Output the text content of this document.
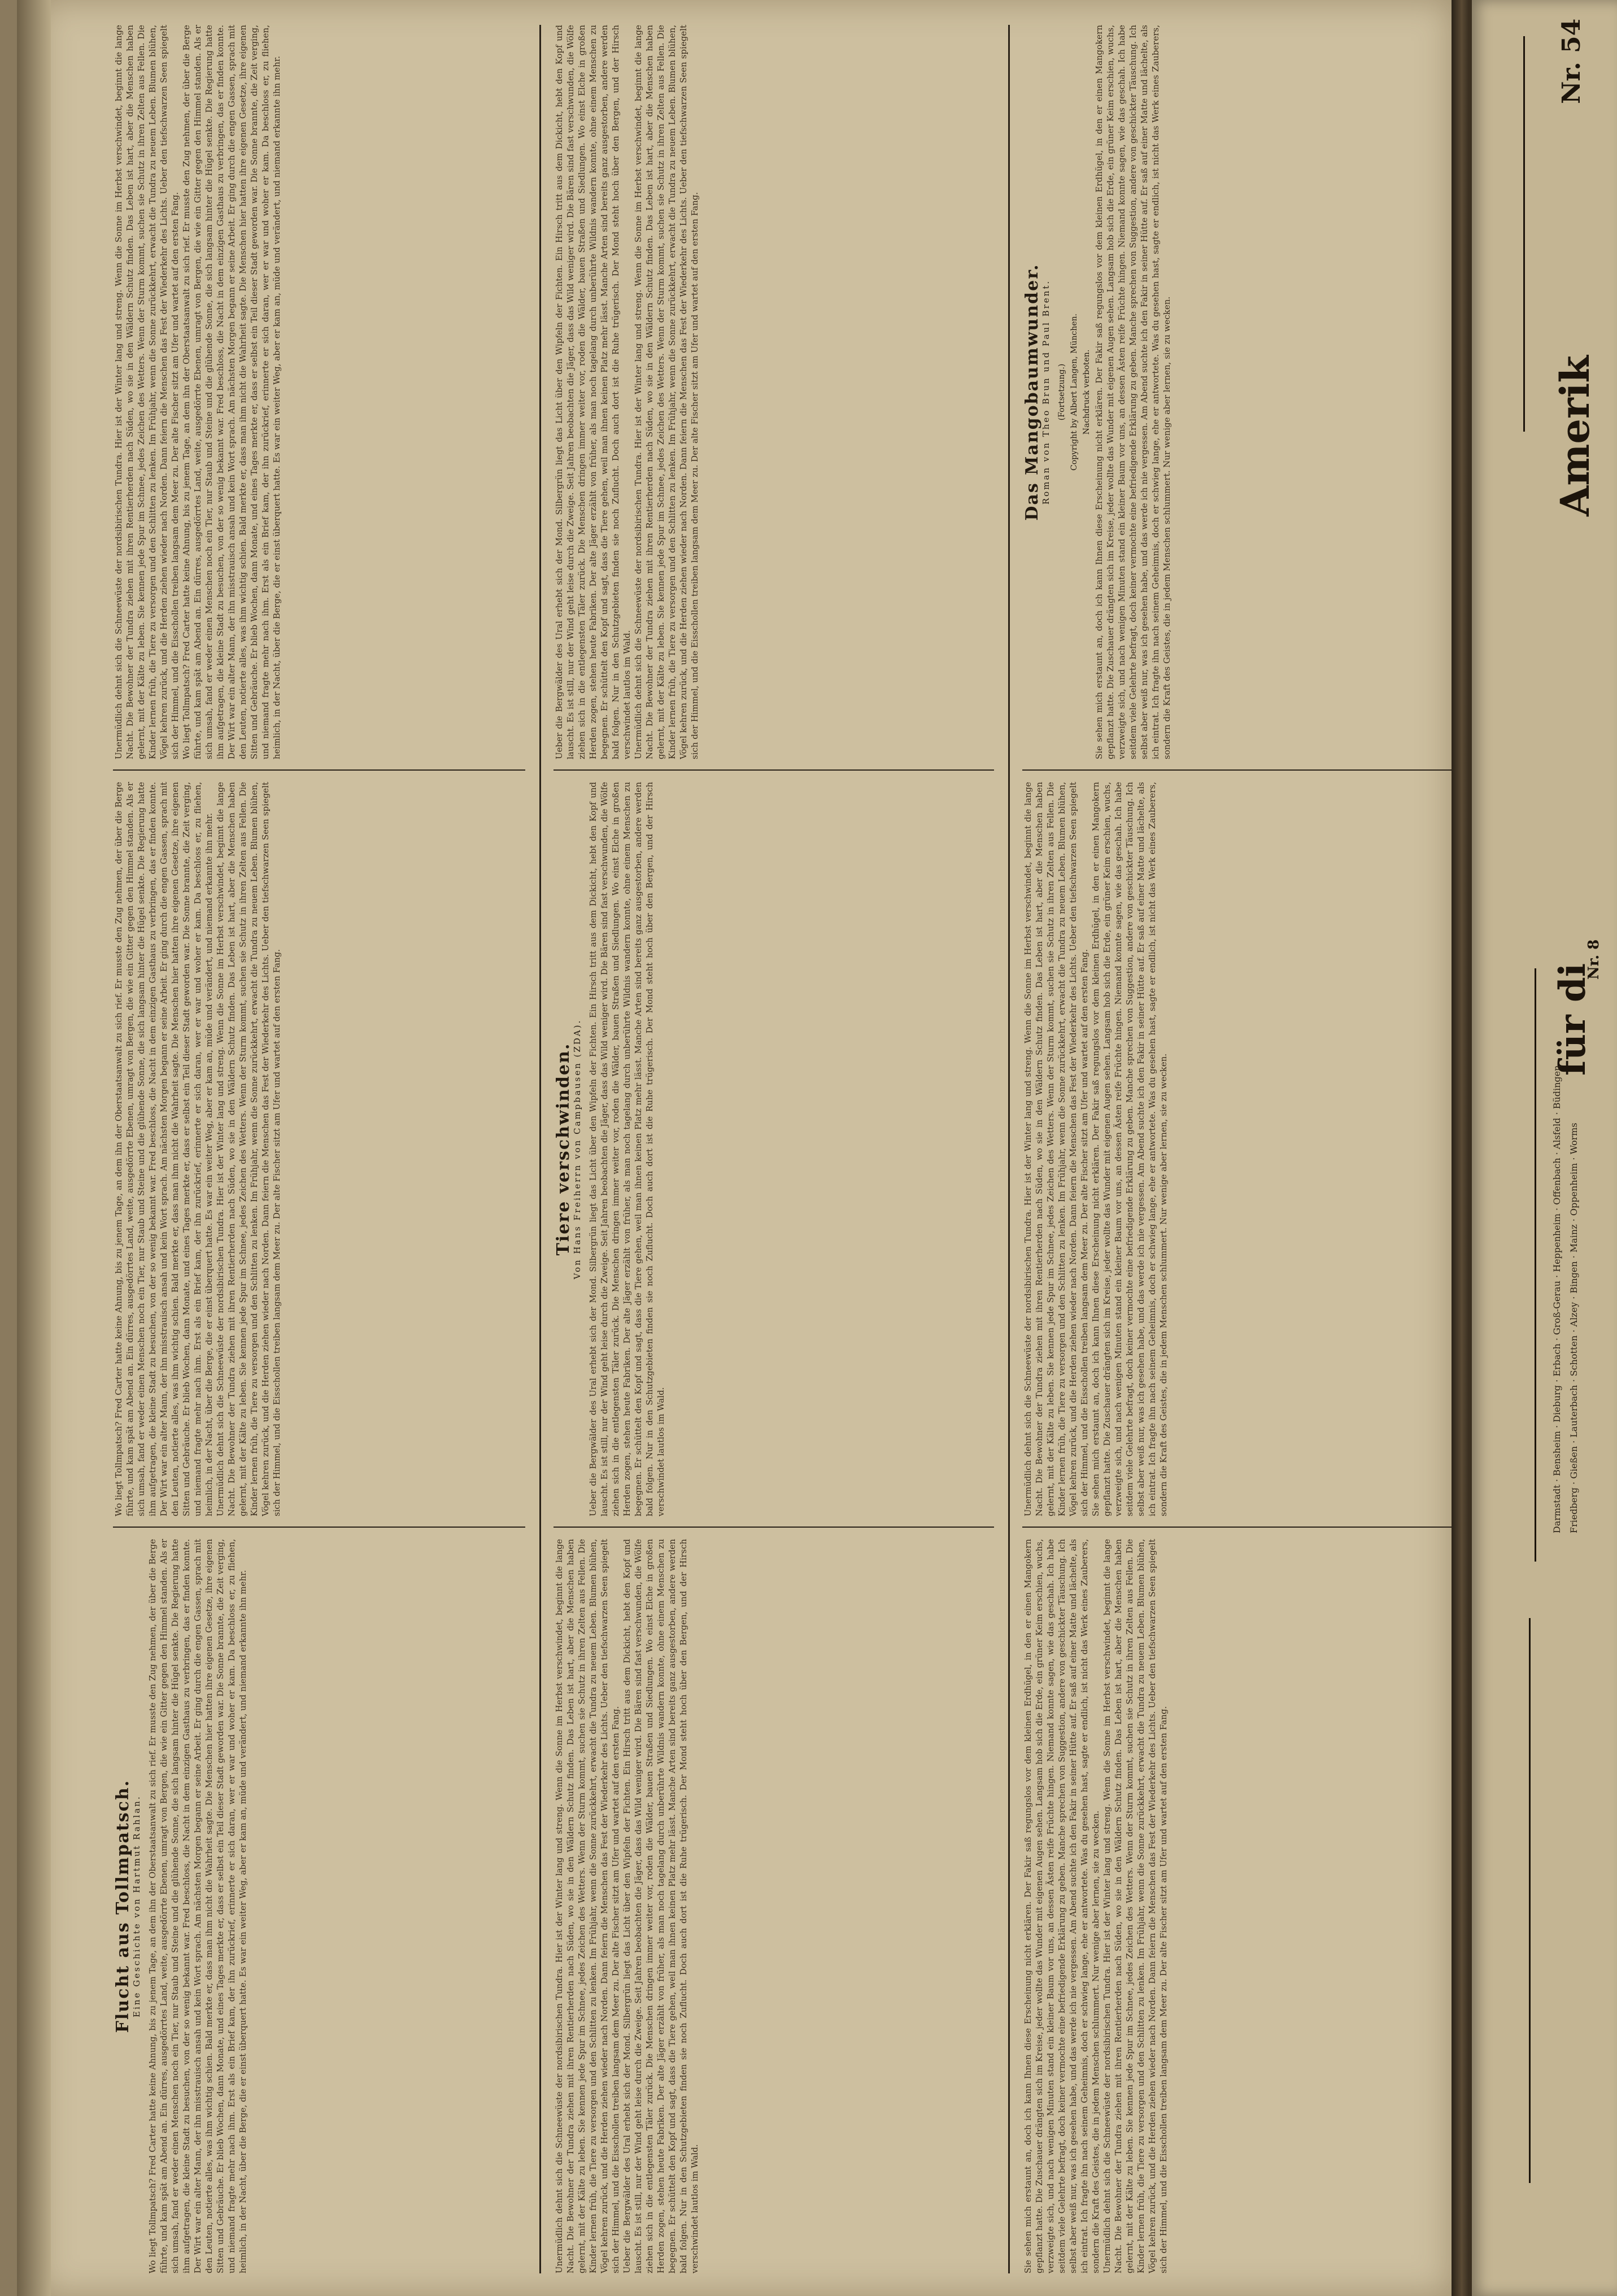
Flucht aus Tollmpatsch.
Eine Geschichte von Hartmut Rahlan. Wo liegt Tollmpatsch? Fred Carter hatte keine Ahnung, bis zu jenem Tage, an dem ihn der Oberstaatsanwalt zu sich rief. Er musste den Zug nehmen, der über die Berge führte, und kam spät am Abend an. Ein dürres, ausgedörrtes Land, weite, ausgedörrte Ebenen, umragt von Bergen, die wie ein Gitter gegen den Himmel standen. Als er sich umsah, fand er weder einen Menschen noch ein Tier, nur Staub und Steine und die glühende Sonne, die sich langsam hinter die Hügel senkte. Die Regierung hatte ihm aufgetragen, die kleine Stadt zu besuchen, von der so wenig bekannt war. Fred beschloss, die Nacht in dem einzigen Gasthaus zu verbringen, das er finden konnte. Der Wirt war ein alter Mann, der ihn misstrauisch ansah und kein Wort sprach. Am nächsten Morgen begann er seine Arbeit. Er ging durch die engen Gassen, sprach mit den Leuten, notierte alles, was ihm wichtig schien. Bald merkte er, dass man ihm nicht die Wahrheit sagte. Die Menschen hier hatten ihre eigenen Gesetze, ihre eigenen Sitten und Gebräuche. Er blieb Wochen, dann Monate, und eines Tages merkte er, dass er selbst ein Teil dieser Stadt geworden war. Die Sonne brannte, die Zeit verging, und niemand fragte mehr nach ihm. Erst als ein Brief kam, der ihn zurückrief, erinnerte er sich daran, wer er war und woher er kam. Da beschloss er, zu fliehen, heimlich, in der Nacht, über die Berge, die er einst überquert hatte. Es war ein weiter Weg, aber er kam an, müde und verändert, und niemand erkannte ihn mehr.
Wo liegt Tollmpatsch? Fred Carter hatte keine Ahnung, bis zu jenem Tage, an dem ihn der Oberstaatsanwalt zu sich rief. Er musste den Zug nehmen, der über die Berge führte, und kam spät am Abend an. Ein dürres, ausgedörrtes Land, weite, ausgedörrte Ebenen, umragt von Bergen, die wie ein Gitter gegen den Himmel standen. Als er sich umsah, fand er weder einen Menschen noch ein Tier, nur Staub und Steine und die glühende Sonne, die sich langsam hinter die Hügel senkte. Die Regierung hatte ihm aufgetragen, die kleine Stadt zu besuchen, von der so wenig bekannt war. Fred beschloss, die Nacht in dem einzigen Gasthaus zu verbringen, das er finden konnte. Der Wirt war ein alter Mann, der ihn misstrauisch ansah und kein Wort sprach. Am nächsten Morgen begann er seine Arbeit. Er ging durch die engen Gassen, sprach mit den Leuten, notierte alles, was ihm wichtig schien. Bald merkte er, dass man ihm nicht die Wahrheit sagte. Die Menschen hier hatten ihre eigenen Gesetze, ihre eigenen Sitten und Gebräuche. Er blieb Wochen, dann Monate, und eines Tages merkte er, dass er selbst ein Teil dieser Stadt geworden war. Die Sonne brannte, die Zeit verging, und niemand fragte mehr nach ihm. Erst als ein Brief kam, der ihn zurückrief, erinnerte er sich daran, wer er war und woher er kam. Da beschloss er, zu fliehen, heimlich, in der Nacht, über die Berge, die er einst überquert hatte. Es war ein weiter Weg, aber er kam an, müde und verändert, und niemand erkannte ihn mehr. Unermüdlich dehnt sich die Schneewüste der nordsibirischen Tundra. Hier ist der Winter lang und streng. Wenn die Sonne im Herbst verschwindet, beginnt die lange Nacht. Die Bewohner der Tundra ziehen mit ihren Rentierherden nach Süden, wo sie in den Wäldern Schutz finden. Das Leben ist hart, aber die Menschen haben gelernt, mit der Kälte zu leben. Sie kennen jede Spur im Schnee, jedes Zeichen des Wetters. Wenn der Sturm kommt, suchen sie Schutz in ihren Zelten aus Fellen. Die Kinder lernen früh, die Tiere zu versorgen und den Schlitten zu lenken. Im Frühjahr, wenn die Sonne zurückkehrt, erwacht die Tundra zu neuem Leben. Blumen blühen, Vögel kehren zurück, und die Herden ziehen wieder nach Norden. Dann feiern die Menschen das Fest der Wiederkehr des Lichts. Ueber den tiefschwarzen Seen spiegelt sich der Himmel, und die Eisschollen treiben langsam dem Meer zu. Der alte Fischer sitzt am Ufer und wartet auf den ersten Fang.
Unermüdlich dehnt sich die Schneewüste der nordsibirischen Tundra. Hier ist der Winter lang und streng. Wenn die Sonne im Herbst verschwindet, beginnt die lange Nacht. Die Bewohner der Tundra ziehen mit ihren Rentierherden nach Süden, wo sie in den Wäldern Schutz finden. Das Leben ist hart, aber die Menschen haben gelernt, mit der Kälte zu leben. Sie kennen jede Spur im Schnee, jedes Zeichen des Wetters. Wenn der Sturm kommt, suchen sie Schutz in ihren Zelten aus Fellen. Die Kinder lernen früh, die Tiere zu versorgen und den Schlitten zu lenken. Im Frühjahr, wenn die Sonne zurückkehrt, erwacht die Tundra zu neuem Leben. Blumen blühen, Vögel kehren zurück, und die Herden ziehen wieder nach Norden. Dann feiern die Menschen das Fest der Wiederkehr des Lichts. Ueber den tiefschwarzen Seen spiegelt sich der Himmel, und die Eisschollen treiben langsam dem Meer zu. Der alte Fischer sitzt am Ufer und wartet auf den ersten Fang. Wo liegt Tollmpatsch? Fred Carter hatte keine Ahnung, bis zu jenem Tage, an dem ihn der Oberstaatsanwalt zu sich rief. Er musste den Zug nehmen, der über die Berge führte, und kam spät am Abend an. Ein dürres, ausgedörrtes Land, weite, ausgedörrte Ebenen, umragt von Bergen, die wie ein Gitter gegen den Himmel standen. Als er sich umsah, fand er weder einen Menschen noch ein Tier, nur Staub und Steine und die glühende Sonne, die sich langsam hinter die Hügel senkte. Die Regierung hatte ihm aufgetragen, die kleine Stadt zu besuchen, von der so wenig bekannt war. Fred beschloss, die Nacht in dem einzigen Gasthaus zu verbringen, das er finden konnte. Der Wirt war ein alter Mann, der ihn misstrauisch ansah und kein Wort sprach. Am nächsten Morgen begann er seine Arbeit. Er ging durch die engen Gassen, sprach mit den Leuten, notierte alles, was ihm wichtig schien. Bald merkte er, dass man ihm nicht die Wahrheit sagte. Die Menschen hier hatten ihre eigenen Gesetze, ihre eigenen Sitten und Gebräuche. Er blieb Wochen, dann Monate, und eines Tages merkte er, dass er selbst ein Teil dieser Stadt geworden war. Die Sonne brannte, die Zeit verging, und niemand fragte mehr nach ihm. Erst als ein Brief kam, der ihn zurückrief, erinnerte er sich daran, wer er war und woher er kam. Da beschloss er, zu fliehen, heimlich, in der Nacht, über die Berge, die er einst überquert hatte. Es war ein weiter Weg, aber er kam an, müde und verändert, und niemand erkannte ihn mehr.
Unermüdlich dehnt sich die Schneewüste der nordsibirischen Tundra. Hier ist der Winter lang und streng. Wenn die Sonne im Herbst verschwindet, beginnt die lange Nacht. Die Bewohner der Tundra ziehen mit ihren Rentierherden nach Süden, wo sie in den Wäldern Schutz finden. Das Leben ist hart, aber die Menschen haben gelernt, mit der Kälte zu leben. Sie kennen jede Spur im Schnee, jedes Zeichen des Wetters. Wenn der Sturm kommt, suchen sie Schutz in ihren Zelten aus Fellen. Die Kinder lernen früh, die Tiere zu versorgen und den Schlitten zu lenken. Im Frühjahr, wenn die Sonne zurückkehrt, erwacht die Tundra zu neuem Leben. Blumen blühen, Vögel kehren zurück, und die Herden ziehen wieder nach Norden. Dann feiern die Menschen das Fest der Wiederkehr des Lichts. Ueber den tiefschwarzen Seen spiegelt sich der Himmel, und die Eisschollen treiben langsam dem Meer zu. Der alte Fischer sitzt am Ufer und wartet auf den ersten Fang. Ueber die Bergwälder des Ural erhebt sich der Mond. Silbergrün liegt das Licht über den Wipfeln der Fichten. Ein Hirsch tritt aus dem Dickicht, hebt den Kopf und lauscht. Es ist still, nur der Wind geht leise durch die Zweige. Seit Jahren beobachten die Jäger, dass das Wild weniger wird. Die Bären sind fast verschwunden, die Wölfe ziehen sich in die entlegensten Täler zurück. Die Menschen dringen immer weiter vor, roden die Wälder, bauen Straßen und Siedlungen. Wo einst Elche in großen Herden zogen, stehen heute Fabriken. Der alte Jäger erzählt von früher, als man noch tagelang durch unberührte Wildnis wandern konnte, ohne einem Menschen zu begegnen. Er schüttelt den Kopf und sagt, dass die Tiere gehen, weil man ihnen keinen Platz mehr lässt. Manche Arten sind bereits ganz ausgestorben, andere werden bald folgen. Nur in den Schutzgebieten finden sie noch Zuflucht. Doch auch dort ist die Ruhe trügerisch. Der Mond steht hoch über den Bergen, und der Hirsch verschwindet lautlos im Wald.
Tiere verschwinden.
Von Hans Freiherrn von Campbausen (ZDA). Ueber die Bergwälder des Ural erhebt sich der Mond. Silbergrün liegt das Licht über den Wipfeln der Fichten. Ein Hirsch tritt aus dem Dickicht, hebt den Kopf und lauscht. Es ist still, nur der Wind geht leise durch die Zweige. Seit Jahren beobachten die Jäger, dass das Wild weniger wird. Die Bären sind fast verschwunden, die Wölfe ziehen sich in die entlegensten Täler zurück. Die Menschen dringen immer weiter vor, roden die Wälder, bauen Straßen und Siedlungen. Wo einst Elche in großen Herden zogen, stehen heute Fabriken. Der alte Jäger erzählt von früher, als man noch tagelang durch unberührte Wildnis wandern konnte, ohne einem Menschen zu begegnen. Er schüttelt den Kopf und sagt, dass die Tiere gehen, weil man ihnen keinen Platz mehr lässt. Manche Arten sind bereits ganz ausgestorben, andere werden bald folgen. Nur in den Schutzgebieten finden sie noch Zuflucht. Doch auch dort ist die Ruhe trügerisch. Der Mond steht hoch über den Bergen, und der Hirsch verschwindet lautlos im Wald.
Ueber die Bergwälder des Ural erhebt sich der Mond. Silbergrün liegt das Licht über den Wipfeln der Fichten. Ein Hirsch tritt aus dem Dickicht, hebt den Kopf und lauscht. Es ist still, nur der Wind geht leise durch die Zweige. Seit Jahren beobachten die Jäger, dass das Wild weniger wird. Die Bären sind fast verschwunden, die Wölfe ziehen sich in die entlegensten Täler zurück. Die Menschen dringen immer weiter vor, roden die Wälder, bauen Straßen und Siedlungen. Wo einst Elche in großen Herden zogen, stehen heute Fabriken. Der alte Jäger erzählt von früher, als man noch tagelang durch unberührte Wildnis wandern konnte, ohne einem Menschen zu begegnen. Er schüttelt den Kopf und sagt, dass die Tiere gehen, weil man ihnen keinen Platz mehr lässt. Manche Arten sind bereits ganz ausgestorben, andere werden bald folgen. Nur in den Schutzgebieten finden sie noch Zuflucht. Doch auch dort ist die Ruhe trügerisch. Der Mond steht hoch über den Bergen, und der Hirsch verschwindet lautlos im Wald. Unermüdlich dehnt sich die Schneewüste der nordsibirischen Tundra. Hier ist der Winter lang und streng. Wenn die Sonne im Herbst verschwindet, beginnt die lange Nacht. Die Bewohner der Tundra ziehen mit ihren Rentierherden nach Süden, wo sie in den Wäldern Schutz finden. Das Leben ist hart, aber die Menschen haben gelernt, mit der Kälte zu leben. Sie kennen jede Spur im Schnee, jedes Zeichen des Wetters. Wenn der Sturm kommt, suchen sie Schutz in ihren Zelten aus Fellen. Die Kinder lernen früh, die Tiere zu versorgen und den Schlitten zu lenken. Im Frühjahr, wenn die Sonne zurückkehrt, erwacht die Tundra zu neuem Leben. Blumen blühen, Vögel kehren zurück, und die Herden ziehen wieder nach Norden. Dann feiern die Menschen das Fest der Wiederkehr des Lichts. Ueber den tiefschwarzen Seen spiegelt sich der Himmel, und die Eisschollen treiben langsam dem Meer zu. Der alte Fischer sitzt am Ufer und wartet auf den ersten Fang.
Sie sehen mich erstaunt an, doch ich kann Ihnen diese Erscheinung nicht erklären. Der Fakir saß regungslos vor dem kleinen Erdhügel, in den er einen Mangokern gepflanzt hatte. Die Zuschauer drängten sich im Kreise, jeder wollte das Wunder mit eigenen Augen sehen. Langsam hob sich die Erde, ein grüner Keim erschien, wuchs, verzweigte sich, und nach wenigen Minuten stand ein kleiner Baum vor uns, an dessen Ästen reife Früchte hingen. Niemand konnte sagen, wie das geschah. Ich habe seitdem viele Gelehrte befragt, doch keiner vermochte eine befriedigende Erklärung zu geben. Manche sprechen von Suggestion, andere von geschickter Täuschung. Ich selbst aber weiß nur, was ich gesehen habe, und das werde ich nie vergessen. Am Abend suchte ich den Fakir in seiner Hütte auf. Er saß auf einer Matte und lächelte, als ich eintrat. Ich fragte ihn nach seinem Geheimnis, doch er schwieg lange, ehe er antwortete. Was du gesehen hast, sagte er endlich, ist nicht das Werk eines Zauberers, sondern die Kraft des Geistes, die in jedem Menschen schlummert. Nur wenige aber lernen, sie zu wecken. Unermüdlich dehnt sich die Schneewüste der nordsibirischen Tundra. Hier ist der Winter lang und streng. Wenn die Sonne im Herbst verschwindet, beginnt die lange Nacht. Die Bewohner der Tundra ziehen mit ihren Rentierherden nach Süden, wo sie in den Wäldern Schutz finden. Das Leben ist hart, aber die Menschen haben gelernt, mit der Kälte zu leben. Sie kennen jede Spur im Schnee, jedes Zeichen des Wetters. Wenn der Sturm kommt, suchen sie Schutz in ihren Zelten aus Fellen. Die Kinder lernen früh, die Tiere zu versorgen und den Schlitten zu lenken. Im Frühjahr, wenn die Sonne zurückkehrt, erwacht die Tundra zu neuem Leben. Blumen blühen, Vögel kehren zurück, und die Herden ziehen wieder nach Norden. Dann feiern die Menschen das Fest der Wiederkehr des Lichts. Ueber den tiefschwarzen Seen spiegelt sich der Himmel, und die Eisschollen treiben langsam dem Meer zu. Der alte Fischer sitzt am Ufer und wartet auf den ersten Fang.
Unermüdlich dehnt sich die Schneewüste der nordsibirischen Tundra. Hier ist der Winter lang und streng. Wenn die Sonne im Herbst verschwindet, beginnt die lange Nacht. Die Bewohner der Tundra ziehen mit ihren Rentierherden nach Süden, wo sie in den Wäldern Schutz finden. Das Leben ist hart, aber die Menschen haben gelernt, mit der Kälte zu leben. Sie kennen jede Spur im Schnee, jedes Zeichen des Wetters. Wenn der Sturm kommt, suchen sie Schutz in ihren Zelten aus Fellen. Die Kinder lernen früh, die Tiere zu versorgen und den Schlitten zu lenken. Im Frühjahr, wenn die Sonne zurückkehrt, erwacht die Tundra zu neuem Leben. Blumen blühen, Vögel kehren zurück, und die Herden ziehen wieder nach Norden. Dann feiern die Menschen das Fest der Wiederkehr des Lichts. Ueber den tiefschwarzen Seen spiegelt sich der Himmel, und die Eisschollen treiben langsam dem Meer zu. Der alte Fischer sitzt am Ufer und wartet auf den ersten Fang. Sie sehen mich erstaunt an, doch ich kann Ihnen diese Erscheinung nicht erklären. Der Fakir saß regungslos vor dem kleinen Erdhügel, in den er einen Mangokern gepflanzt hatte. Die Zuschauer drängten sich im Kreise, jeder wollte das Wunder mit eigenen Augen sehen. Langsam hob sich die Erde, ein grüner Keim erschien, wuchs, verzweigte sich, und nach wenigen Minuten stand ein kleiner Baum vor uns, an dessen Ästen reife Früchte hingen. Niemand konnte sagen, wie das geschah. Ich habe seitdem viele Gelehrte befragt, doch keiner vermochte eine befriedigende Erklärung zu geben. Manche sprechen von Suggestion, andere von geschickter Täuschung. Ich selbst aber weiß nur, was ich gesehen habe, und das werde ich nie vergessen. Am Abend suchte ich den Fakir in seiner Hütte auf. Er saß auf einer Matte und lächelte, als ich eintrat. Ich fragte ihn nach seinem Geheimnis, doch er schwieg lange, ehe er antwortete. Was du gesehen hast, sagte er endlich, ist nicht das Werk eines Zauberers, sondern die Kraft des Geistes, die in jedem Menschen schlummert. Nur wenige aber lernen, sie zu wecken.
Das Mangobaumwunder.
Roman von Theo Brun und Paul Brent. (Fortsetzung.) Copyright by Albert Langen, München. Nachdruck verboten. Sie sehen mich erstaunt an, doch ich kann Ihnen diese Erscheinung nicht erklären. Der Fakir saß regungslos vor dem kleinen Erdhügel, in den er einen Mangokern gepflanzt hatte. Die Zuschauer drängten sich im Kreise, jeder wollte das Wunder mit eigenen Augen sehen. Langsam hob sich die Erde, ein grüner Keim erschien, wuchs, verzweigte sich, und nach wenigen Minuten stand ein kleiner Baum vor uns, an dessen Ästen reife Früchte hingen. Niemand konnte sagen, wie das geschah. Ich habe seitdem viele Gelehrte befragt, doch keiner vermochte eine befriedigende Erklärung zu geben. Manche sprechen von Suggestion, andere von geschickter Täuschung. Ich selbst aber weiß nur, was ich gesehen habe, und das werde ich nie vergessen. Am Abend suchte ich den Fakir in seiner Hütte auf. Er saß auf einer Matte und lächelte, als ich eintrat. Ich fragte ihn nach seinem Geheimnis, doch er schwieg lange, ehe er antwortete. Was du gesehen hast, sagte er endlich, ist nicht das Werk eines Zauberers, sondern die Kraft des Geistes, die in jedem Menschen schlummert. Nur wenige aber lernen, sie zu wecken.
Nr. 54
Amerik
für di
Nr. 8
Darmstadt · Bensheim · Dieburg · Erbach · Groß-Gerau · Heppenheim · Offenbach · Alsfeld · Büdingen
Friedberg · Gießen · Lauterbach · Schotten · Alzey · Bingen · Mainz · Oppenheim · Worms
